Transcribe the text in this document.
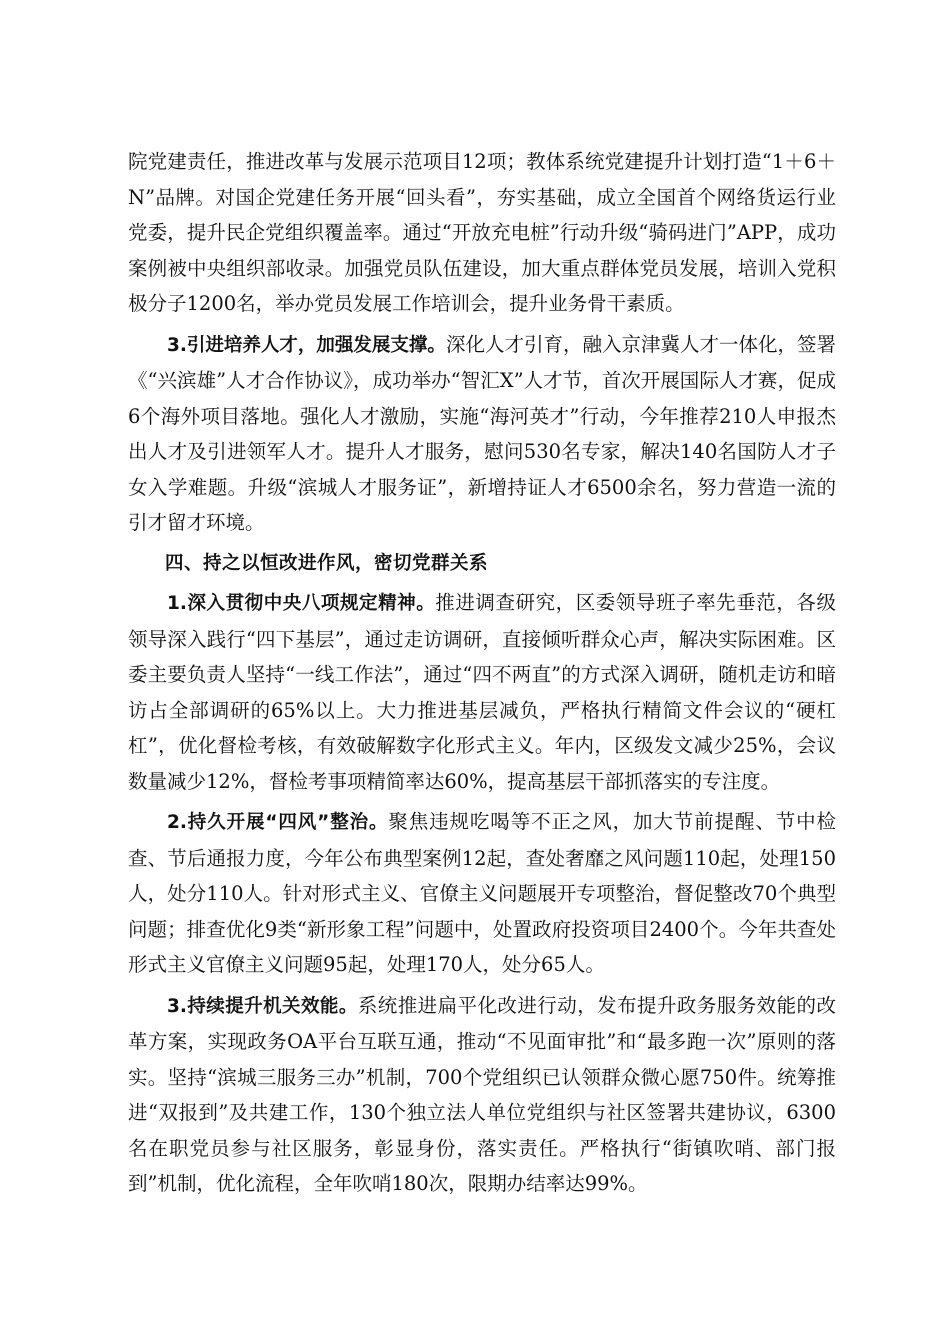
院党建责任，推进改革与发展示范项目12项；教体系统党建提升计划打造“1＋6＋N”品牌。对国企党建任务开展“回头看”，夯实基础，成立全国首个网络货运行业党委，提升民企党组织覆盖率。通过“开放充电桩”行动升级“骑码进门”APP，成功案例被中央组织部收录。加强党员队伍建设，加大重点群体党员发展，培训入党积极分子1200名，举办党员发展工作培训会，提升业务骨干素质。

3.引进培养人才，加强发展支撑。深化人才引育，融入京津冀人才一体化，签署《“兴滨雄”人才合作协议》，成功举办“智汇X”人才节，首次开展国际人才赛，促成6个海外项目落地。强化人才激励，实施“海河英才”行动，今年推荐210人申报杰出人才及引进领军人才。提升人才服务，慰问530名专家，解决140名国防人才子女入学难题。升级“滨城人才服务证”，新增持证人才6500余名，努力营造一流的引才留才环境。

四、持之以恒改进作风，密切党群关系

1.深入贯彻中央八项规定精神。推进调查研究，区委领导班子率先垂范，各级领导深入践行“四下基层”，通过走访调研，直接倾听群众心声，解决实际困难。区委主要负责人坚持“一线工作法”，通过“四不两直”的方式深入调研，随机走访和暗访占全部调研的65%以上。大力推进基层减负，严格执行精简文件会议的“硬杠杠”，优化督检考核，有效破解数字化形式主义。年内，区级发文减少25%，会议数量减少12%，督检考事项精简率达60%，提高基层干部抓落实的专注度。

2.持久开展“四风”整治。聚焦违规吃喝等不正之风，加大节前提醒、节中检查、节后通报力度，今年公布典型案例12起，查处奢靡之风问题110起，处理150人，处分110人。针对形式主义、官僚主义问题展开专项整治，督促整改70个典型问题；排查优化9类“新形象工程”问题中，处置政府投资项目2400个。今年共查处形式主义官僚主义问题95起，处理170人，处分65人。

3.持续提升机关效能。系统推进扁平化改进行动，发布提升政务服务效能的改革方案，实现政务OA平台互联互通，推动“不见面审批”和“最多跑一次”原则的落实。坚持“滨城三服务三办”机制，700个党组织已认领群众微心愿750件。统筹推进“双报到”及共建工作，130个独立法人单位党组织与社区签署共建协议，6300名在职党员参与社区服务，彰显身份，落实责任。严格执行“街镇吹哨、部门报到”机制，优化流程，全年吹哨180次，限期办结率达99%。
